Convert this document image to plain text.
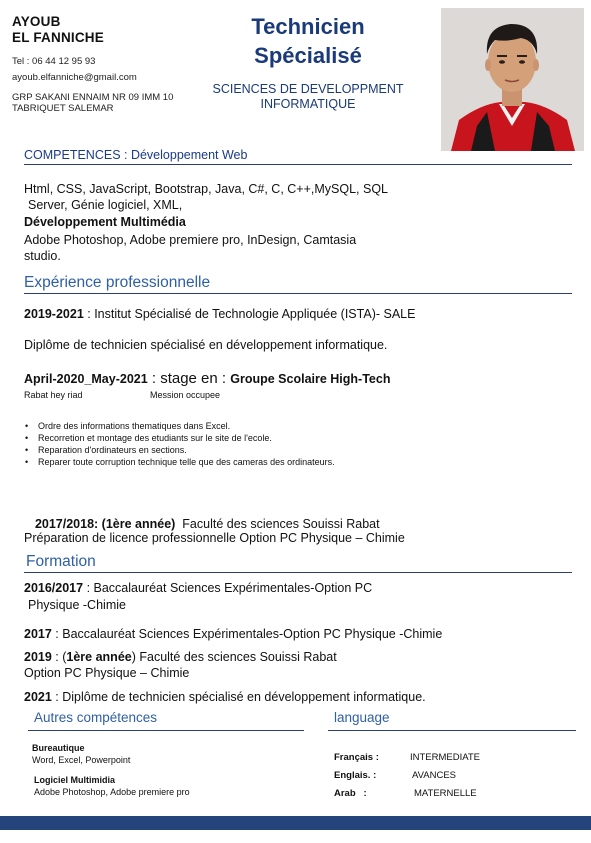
AYOUB
EL FANNICHE
Tel : 06 44 12 95 93
ayoub.elfanniche@gmail.com
GRP SAKANI ENNAIM NR 09 IMM 10
TABRIQUET SALEMAR
Technicien
Spécialisé
SCIENCES DE DEVELOPPMENT
INFORMATIQUE
COMPETENCES : Développement Web
Html, CSS, JavaScript, Bootstrap, Java, C#, C, C++,MySQL, SQL
Server, Génie logiciel, XML,
Développement Multimédia
Adobe Photoshop, Adobe premiere pro, InDesign, Camtasia
studio.
Expérience professionnelle
2019-2021 : Institut Spécialisé de Technologie Appliquée (ISTA)- SALE
Diplôme de technicien spécialisé en développement informatique.
April-2020_May-2021 : stage en : Groupe Scolaire High-Tech
Rabat hey riad	Mession occupee
• Ordre des informations thematiques dans Excel.
• Recorretion et montage des etudiants sur le site de l'ecole.
• Reparation d'ordinateurs en sections.
• Reparer toute corruption technique telle que des cameras des ordinateurs.

2017/2018: (1ère année)  Faculté des sciences Souissi Rabat

Préparation de licence professionnelle Option PC Physique – Chimie
Formation
2016/2017 : Baccalauréat Sciences Expérimentales-Option PC
Physique -Chimie
2017 : Baccalauréat Sciences Expérimentales-Option PC Physique -Chimie
2019 : (1ère année) Faculté des sciences Souissi Rabat
Option PC Physique – Chimie
2021 : Diplôme de technicien spécialisé en développement informatique.
Autres compétences
Bureautique
Word, Excel, Powerpoint
Logiciel Multimidia
Adobe Photoshop, Adobe premiere pro
language
Français :	INTERMEDIATE
Englais. :	AVANCES
Arab   :	MATERNELLE
